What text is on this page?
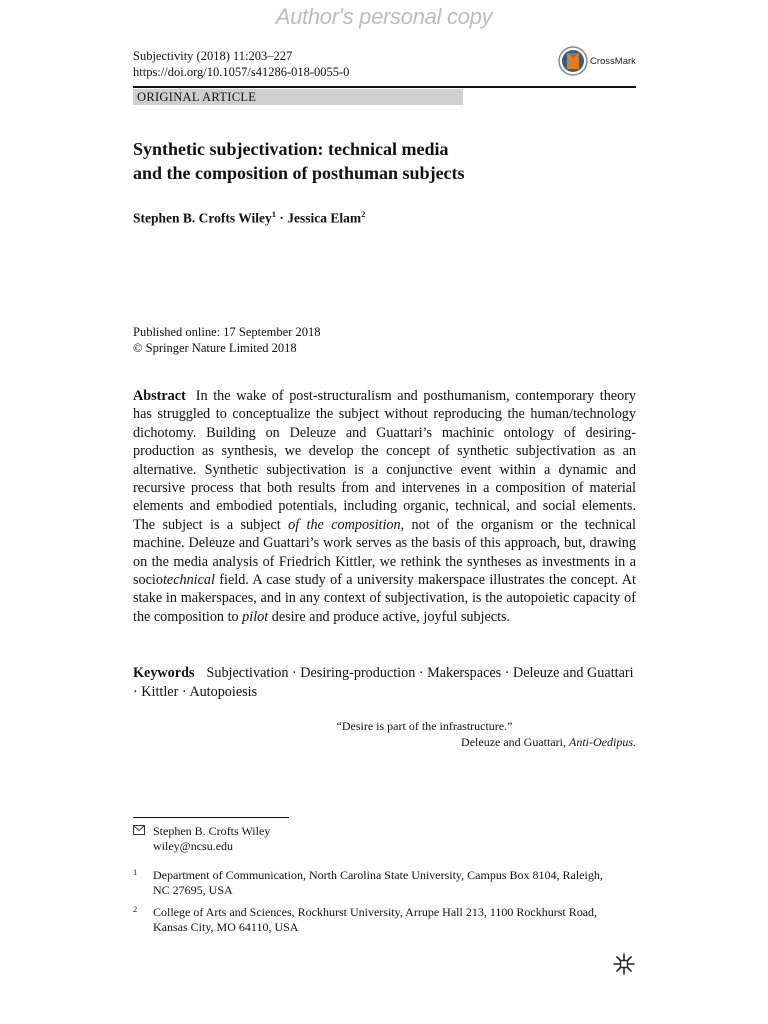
Author's personal copy
Subjectivity (2018) 11:203–227
https://doi.org/10.1057/s41286-018-0055-0
CrossMark
ORIGINAL ARTICLE
Synthetic subjectivation: technical media
and the composition of posthuman subjects
Stephen B. Crofts Wiley$^1$ · Jessica Elam$^2$
Published online: 17 September 2018
© Springer Nature Limited 2018
Abstract In the wake of post-structuralism and posthumanism, contemporary theory has struggled to conceptualize the subject without reproducing the human/technology dichotomy. Building on Deleuze and Guattari’s machinic ontology of desiring-production as synthesis, we develop the concept of synthetic subjectivation as an alternative. Synthetic subjectivation is a conjunctive event within a dynamic and recursive process that both results from and intervenes in a composition of material elements and embodied potentials, including organic, technical, and social elements. The subject is a subject of the composition, not of the organism or the technical machine. Deleuze and Guattari’s work serves as the basis of this approach, but, drawing on the media analysis of Friedrich Kittler, we rethink the syntheses as investments in a sociotechnical field. A case study of a university makerspace illustrates the concept. At stake in makerspaces, and in any context of subjectivation, is the autopoietic capacity of the composition to pilot desire and produce active, joyful subjects.
Keywords Subjectivation · Desiring-production · Makerspaces · Deleuze and Guattari · Kittler · Autopoiesis
“Desire is part of the infrastructure.”
Deleuze and Guattari, Anti-Oedipus.
Stephen B. Crofts Wiley
wiley@ncsu.edu
1 Department of Communication, North Carolina State University, Campus Box 8104, Raleigh,
NC 27695, USA
2 College of Arts and Sciences, Rockhurst University, Arrupe Hall 213, 1100 Rockhurst Road,
Kansas City, MO 64110, USA
